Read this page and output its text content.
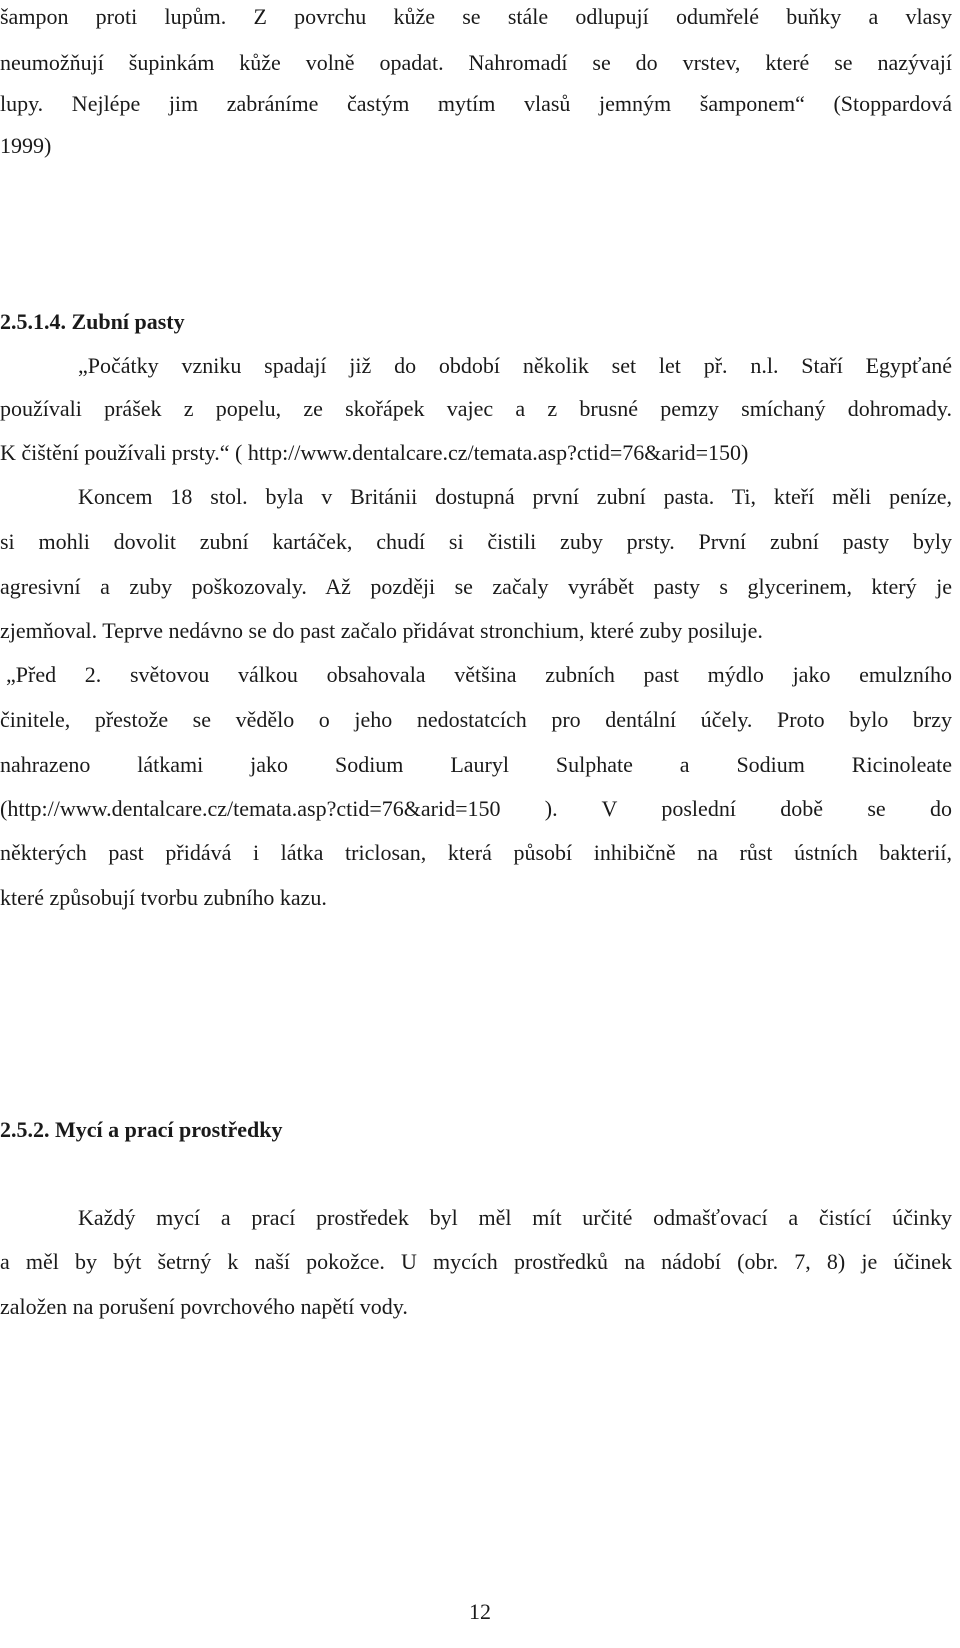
šampon proti lupům. Z povrchu kůže se stále odlupují odumřelé buňky a vlasy

neumožňují šupinkám kůže volně opadat. Nahromadí se do vrstev, které se nazývají

lupy. Nejlépe jim zabráníme častým mytím vlasů jemným šamponem“ (Stoppardová

1999)

2.5.1.4. Zubní pasty

„Počátky vzniku spadají již do období několik set let př. n.l. Staří Egypťané

používali prášek z popelu, ze skořápek vajec a z brusné pemzy smíchaný dohromady.

K čištění používali prsty.“ ( http://www.dentalcare.cz/temata.asp?ctid=76&arid=150)

Koncem 18 stol. byla v Británii dostupná první zubní pasta. Ti, kteří měli peníze,

si mohli dovolit zubní kartáček, chudí si čistili zuby prsty. První zubní pasty byly

agresivní a zuby poškozovaly. Až později se začaly vyrábět pasty s glycerinem, který je

zjemňoval. Teprve nedávno se do past začalo přidávat stronchium, které zuby posiluje.

„Před 2. světovou válkou obsahovala většina zubních past mýdlo jako emulzního

činitele, přestože se vědělo o jeho nedostatcích pro dentální účely. Proto bylo brzy

nahrazeno látkami jako Sodium Lauryl Sulphate a Sodium Ricinoleate

(http://www.dentalcare.cz/temata.asp?ctid=76&arid=150 ). V poslední době se do

některých past přidává i látka triclosan, která působí inhibičně na růst ústních bakterií,

které způsobují tvorbu zubního kazu.

2.5.2. Mycí a prací prostředky

Každý mycí a prací prostředek byl měl mít určité odmašťovací a čistící účinky

a měl by být šetrný k naší pokožce. U mycích prostředků na nádobí (obr. 7, 8) je účinek

založen na porušení povrchového napětí vody.

12
